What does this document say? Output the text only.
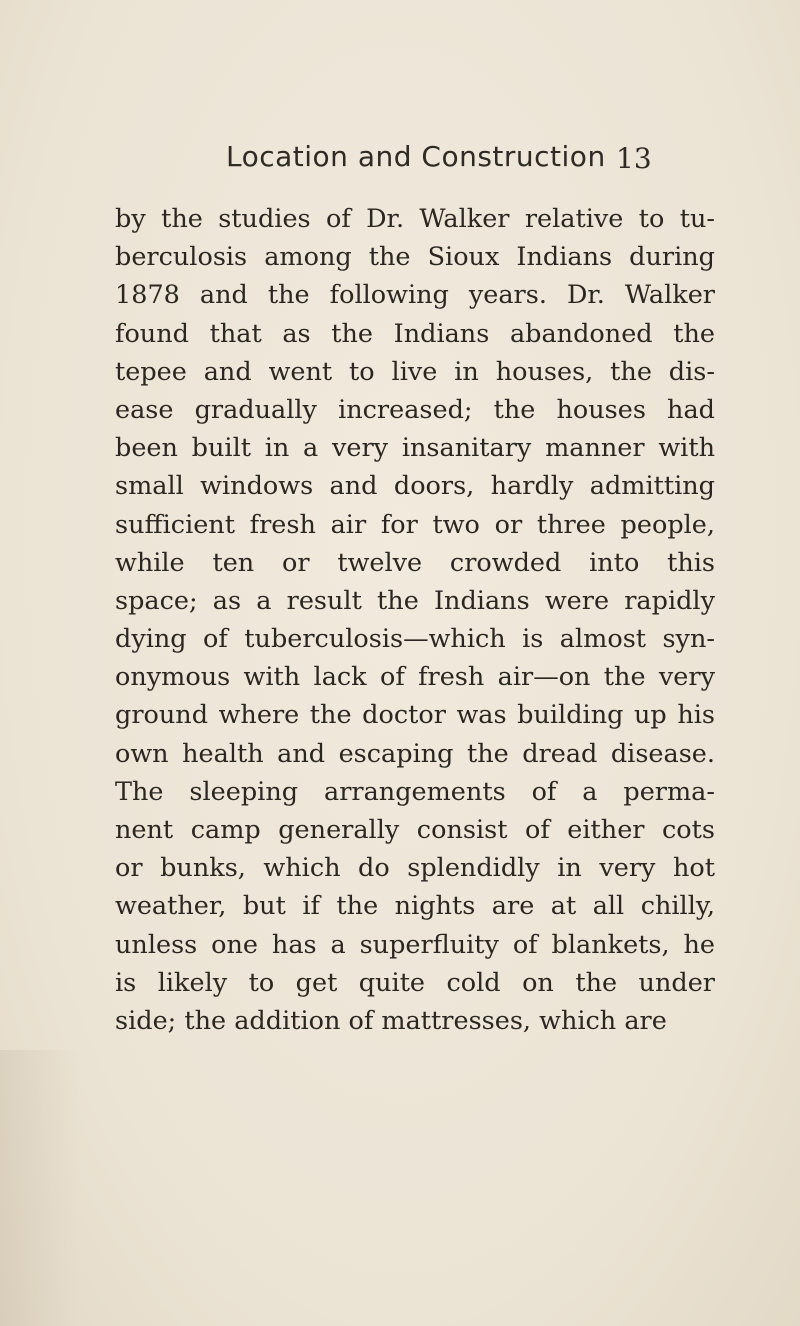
Location and Construction 13
by the studies of Dr. Walker relative to tu-
berculosis among the Sioux Indians during
1878 and the following years. Dr. Walker
found that as the Indians abandoned the
tepee and went to live in houses, the dis-
ease gradually increased; the houses had
been built in a very insanitary manner with
small windows and doors, hardly admitting
sufficient fresh air for two or three people,
while ten or twelve crowded into this
space; as a result the Indians were rapidly
dying of tuberculosis—which is almost syn-
onymous with lack of fresh air—on the very
ground where the doctor was building up his
own health and escaping the dread disease.
The sleeping arrangements of a perma-
nent camp generally consist of either cots
or bunks, which do splendidly in very hot
weather, but if the nights are at all chilly,
unless one has a superfluity of blankets, he
is likely to get quite cold on the under
side; the addition of mattresses, which are
